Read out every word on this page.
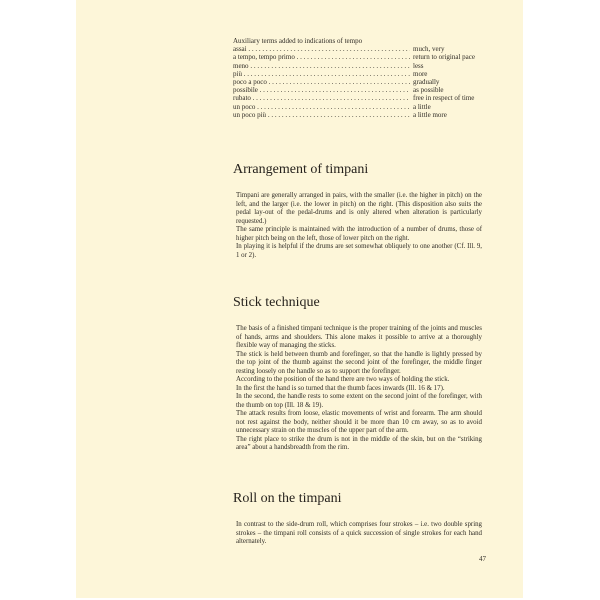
Auxiliary terms added to indications of tempo
assai . . .	much, very
a tempo, tempo primo . . .	return to original pace
meno . . .	less
più . . .	more
poco a poco . . .	gradually
possibile . . .	as possible
rubato . . .	free in respect of time
un poco . . .	a little
un poco più . . .	a little more
Arrangement of timpani

Timpani are generally arranged in pairs, with the smaller (i.e. the higher in pitch) on the left, and the larger (i.e. the lower in pitch) on the right. (This disposition also suits the pedal lay-out of the pedal-drums and is only altered when alteration is particularly requested.)

The same principle is maintained with the introduction of a number of drums, those of higher pitch being on the left, those of lower pitch on the right.

In playing it is helpful if the drums are set somewhat obliquely to one another (Cf. Ill. 9, 1 or 2).

Stick technique

The basis of a finished timpani technique is the proper training of the joints and muscles of hands, arms and shoulders. This alone makes it possible to arrive at a thoroughly flexible way of managing the sticks.

The stick is held between thumb and forefinger, so that the handle is lightly pressed by the top joint of the thumb against the second joint of the forefinger, the middle finger resting loosely on the handle so as to support the forefinger.

According to the position of the hand there are two ways of holding the stick.

In the first the hand is so turned that the thumb faces inwards (Ill. 16 & 17).

In the second, the handle rests to some extent on the second joint of the forefinger, with the thumb on top (Ill. 18 & 19).

The attack results from loose, elastic movements of wrist and forearm. The arm should not rest against the body, neither should it be more than 10 cm away, so as to avoid unnecessary strain on the muscles of the upper part of the arm.

The right place to strike the drum is not in the middle of the skin, but on the “striking area” about a handsbreadth from the rim.

Roll on the timpani

In contrast to the side-drum roll, which comprises four strokes – i.e. two double spring strokes – the timpani roll consists of a quick succession of single strokes for each hand alternately.

47
